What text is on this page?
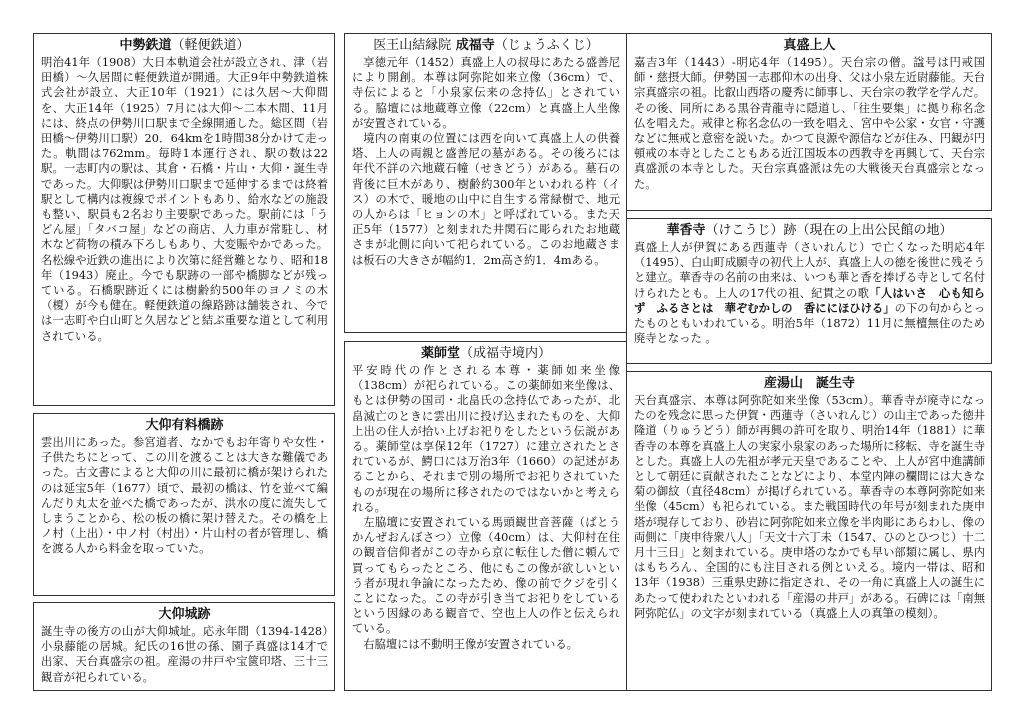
中勢鉄道（軽便鉄道）

明治41年（1908）大日本軌道会社が設立され、津（岩田橋）～久居間に軽便鉄道が開通。大正9年中勢鉄道株式会社が設立、大正10年（1921）には久居～大仰間を、大正14年（1925）7月には大仰～二本木間、11月には、終点の伊勢川口駅まで全線開通した。総区間（岩田橋～伊勢川口駅）20．64kmを1時間38分かけて走った。軌間は762mm。毎時1本運行され、駅の数は22駅。一志町内の駅は、其倉・石橋・片山・大仰・誕生寺であった。大仰駅は伊勢川口駅まで延伸するまでは終着駅として構内は複線でポイントもあり、給水などの施設も整い、駅員も2名おり主要駅であった。駅前には「うどん屋」「タバコ屋」などの商店、人力車が常駐し、材木など荷物の積み下ろしもあり、大変賑やかであった。名松線や近鉄の進出により次第に経営難となり、昭和18年（1943）廃止。今でも駅跡の一部や橋脚などが残っている。石橋駅跡近くには樹齢約500年のヨノミの木（榎）が今も健在。軽便鉄道の線路跡は舗装され、今では一志町や白山町と久居などと結ぶ重要な道として利用されている。

大仰有料橋跡

雲出川にあった。参宮道者、なかでもお年寄りや女性・子供たちにとって、この川を渡ることは大きな難儀であった。古文書によると大仰の川に最初に橋が架けられたのは延宝5年（1677）頃で、最初の橋は、竹を並べて編んだり丸太を並べた橋であったが、洪水の度に流失してしまうことから、松の板の橋に架け替えた。その橋を上ノ村（上出）・中ノ村（村出）・片山村の者が管理し、橋を渡る人から料金を取っていた。

大仰城跡

誕生寺の後方の山が大仰城址。応永年間（1394-1428）小泉藤能の居城。紀氏の16世の孫、園子真盛は14才で出家、天台真盛宗の祖。産湯の井戸や宝篋印塔、三十三観音が祀られている。

医王山結縁院 成福寺（じょうふくじ）

享徳元年（1452）真盛上人の叔母にあたる盛善尼により開創。本尊は阿弥陀如来立像（36cm）で、寺伝によると「小泉家伝来の念持仏」とされている。脇壇には地蔵尊立像（22cm）と真盛上人坐像が安置されている。

境内の南東の位置には西を向いて真盛上人の供養塔、上人の両親と盛善尼の墓がある。その後ろには年代不詳の六地蔵石幢（せきどう）がある。墓石の背後に巨木があり、樹齢約300年といわれる杵（イス）の木で、暖地の山中に自生する常緑樹で、地元の人からは「ヒョンの木」と呼ばれている。また天正5年（1577）と刻まれた井関石に彫られたお地蔵さまが北側に向いて祀られている。このお地蔵さまは板石の大きさが幅約1．2m高さ約1．4mある。

薬師堂（成福寺境内）

平安時代の作とされる本尊・薬師如来坐像（138cm）が祀られている。この薬師如来坐像は、もとは伊勢の国司・北畠氏の念持仏であったが、北畠滅亡のときに雲出川に投げ込まれたものを、大仰上出の住人が拾い上げお祀りをしたという伝説がある。薬師堂は享保12年（1727）に建立されたとされているが、鰐口には万治3年（1660）の記述があることから、それまで別の場所でお祀りされていたものが現在の場所に移されたのではないかと考えられる。

左脇壇に安置されている馬頭観世音菩薩（ばとうかんぜおんぼさつ）立像（40cm）は、大仰村在住の観音信仰者がこの寺から京に転住した僧に頼んで買ってもらったところ、他にもこの像が欲しいという者が現れ争論になったため、像の前でクジを引くことになった。この寺が引き当てお祀りをしているという因縁のある観音で、空也上人の作と伝えられている。

右脇壇には不動明王像が安置されている。

真盛上人

嘉吉3年（1443）-明応4年（1495）。天台宗の僧。諡号は円戒国師・慈摂大師。伊勢国一志郡仰木の出身、父は小泉左近尉藤能。天台宗真盛宗の祖。比叡山西塔の慶秀に師事し、天台宗の教学を学んだ。その後、同所にある黒谷青龍寺に隠道し、「往生要集」に拠り称名念仏を唱えた。戒律と称名念仏の一致を唱え、宮中や公家・女官・守護などに無戒と意密を説いた。かつて良源や源信などが住み、円観が円頓戒の本寺としたこともある近江国坂本の西教寺を再興して、天台宗真盛派の本寺とした。天台宗真盛派は先の大戦後天台真盛宗となった。

華香寺（けこうじ）跡（現在の上出公民館の地）

真盛上人が伊賀にある西蓮寺（さいれんじ）で亡くなった明応4年（1495）、白山町成願寺の初代上人が、真盛上人の徳を後世に残そうと建立。華香寺の名前の由来は、いつも華と香を捧げる寺として名付けられたとも。上人の17代の祖、紀貫之の歌「人はいさ　心も知らず　ふるさとは　華ぞむかしの　香ににほひける」の下の句からとったものともいわれている。明治5年（1872）11月に無檀無住のため廃寺となった 。

産湯山　誕生寺

天台真盛宗、本尊は阿弥陀如来坐像（53cm）。華香寺が廃寺になったのを残念に思った伊賀・西蓮寺（さいれんじ）の山主であった徳井隆道（りゅうどう）師が再興の許可を取り、明治14年（1881）に華香寺の本尊を真盛上人の実家小泉家のあった場所に移転、寺を誕生寺とした。真盛上人の先祖が孝元天皇であることや、上人が宮中進講師として朝廷に貢献されたことなどにより、本堂内陣の欄間には大きな菊の御紋（直径48cm）が掲げられている。華香寺の本尊阿弥陀如来坐像（45cm）も祀られている。また戦国時代の年号が刻まれた庚申塔が現存しており、砂岩に阿弥陀如来立像を半肉彫にあらわし、像の両側に「庚申待衆八人」「天文十六丁未（1547、ひのとひつじ）十二月十三日」と刻まれている。庚申塔のなかでも早い部類に属し、県内はもちろん、全国的にも注目される例といえる。境内一帯は、昭和13年（1938）三重県史跡に指定され、その一角に真盛上人の誕生にあたって使われたといわれる「産湯の井戸」がある。石碑には「南無阿弥陀仏」の文字が刻まれている（真盛上人の真筆の模刻）。
